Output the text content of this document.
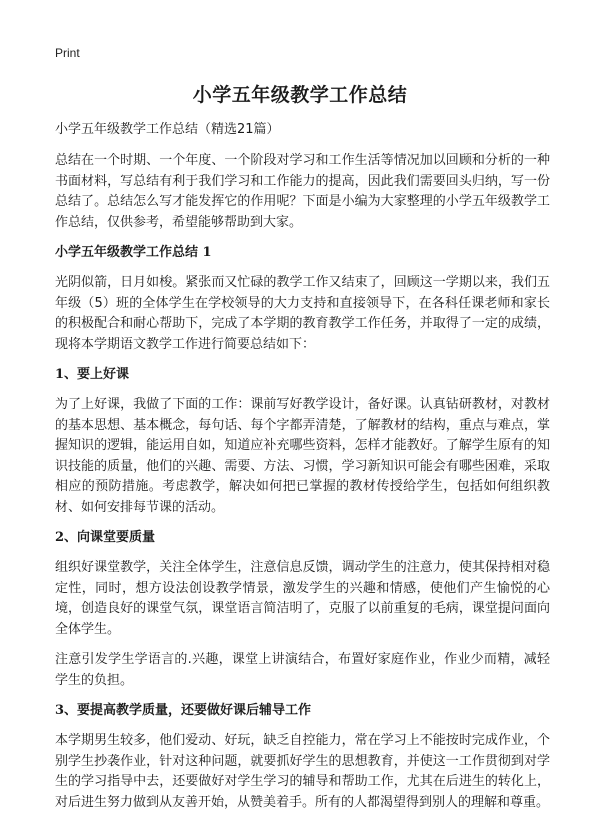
Print
小学五年级教学工作总结
小学五年级教学工作总结（精选21篇）

总结在一个时期、一个年度、一个阶段对学习和工作生活等情况加以回顾和分析的一种书面材料，写总结有利于我们学习和工作能力的提高，因此我们需要回头归纳，写一份总结了。总结怎么写才能发挥它的作用呢？下面是小编为大家整理的小学五年级教学工作总结，仅供参考，希望能够帮助到大家。

小学五年级教学工作总结 1

光阴似箭，日月如梭。紧张而又忙碌的教学工作又结束了，回顾这一学期以来，我们五年级（5）班的全体学生在学校领导的大力支持和直接领导下，在各科任课老师和家长的积极配合和耐心帮助下，完成了本学期的教育教学工作任务，并取得了一定的成绩，现将本学期语文教学工作进行简要总结如下：

1、要上好课

为了上好课，我做了下面的工作：课前写好教学设计，备好课。认真钻研教材，对教材的基本思想、基本概念，每句话、每个字都弄清楚，了解教材的结构，重点与难点，掌握知识的逻辑，能运用自如，知道应补充哪些资料，怎样才能教好。了解学生原有的知识技能的质量，他们的兴趣、需要、方法、习惯，学习新知识可能会有哪些困难，采取相应的预防措施。考虑教学，解决如何把已掌握的教材传授给学生，包括如何组织教材、如何安排每节课的活动。

2、向课堂要质量

组织好课堂教学，关注全体学生，注意信息反馈，调动学生的注意力，使其保持相对稳定性，同时，想方设法创设教学情景，激发学生的兴趣和情感，使他们产生愉悦的心境，创造良好的课堂气氛，课堂语言简洁明了，克服了以前重复的毛病，课堂提问面向全体学生。

注意引发学生学语言的.兴趣，课堂上讲演结合，布置好家庭作业，作业少而精，减轻学生的负担。

3、要提高教学质量，还要做好课后辅导工作

本学期男生较多，他们爱动、好玩，缺乏自控能力，常在学习上不能按时完成作业，个别学生抄袭作业，针对这种问题，就要抓好学生的思想教育，并使这一工作贯彻到对学生的学习指导中去，还要做好对学生学习的辅导和帮助工作，尤其在后进生的转化上，对后进生努力做到从友善开始，从赞美着手。所有的人都渴望得到别人的理解和尊重。
